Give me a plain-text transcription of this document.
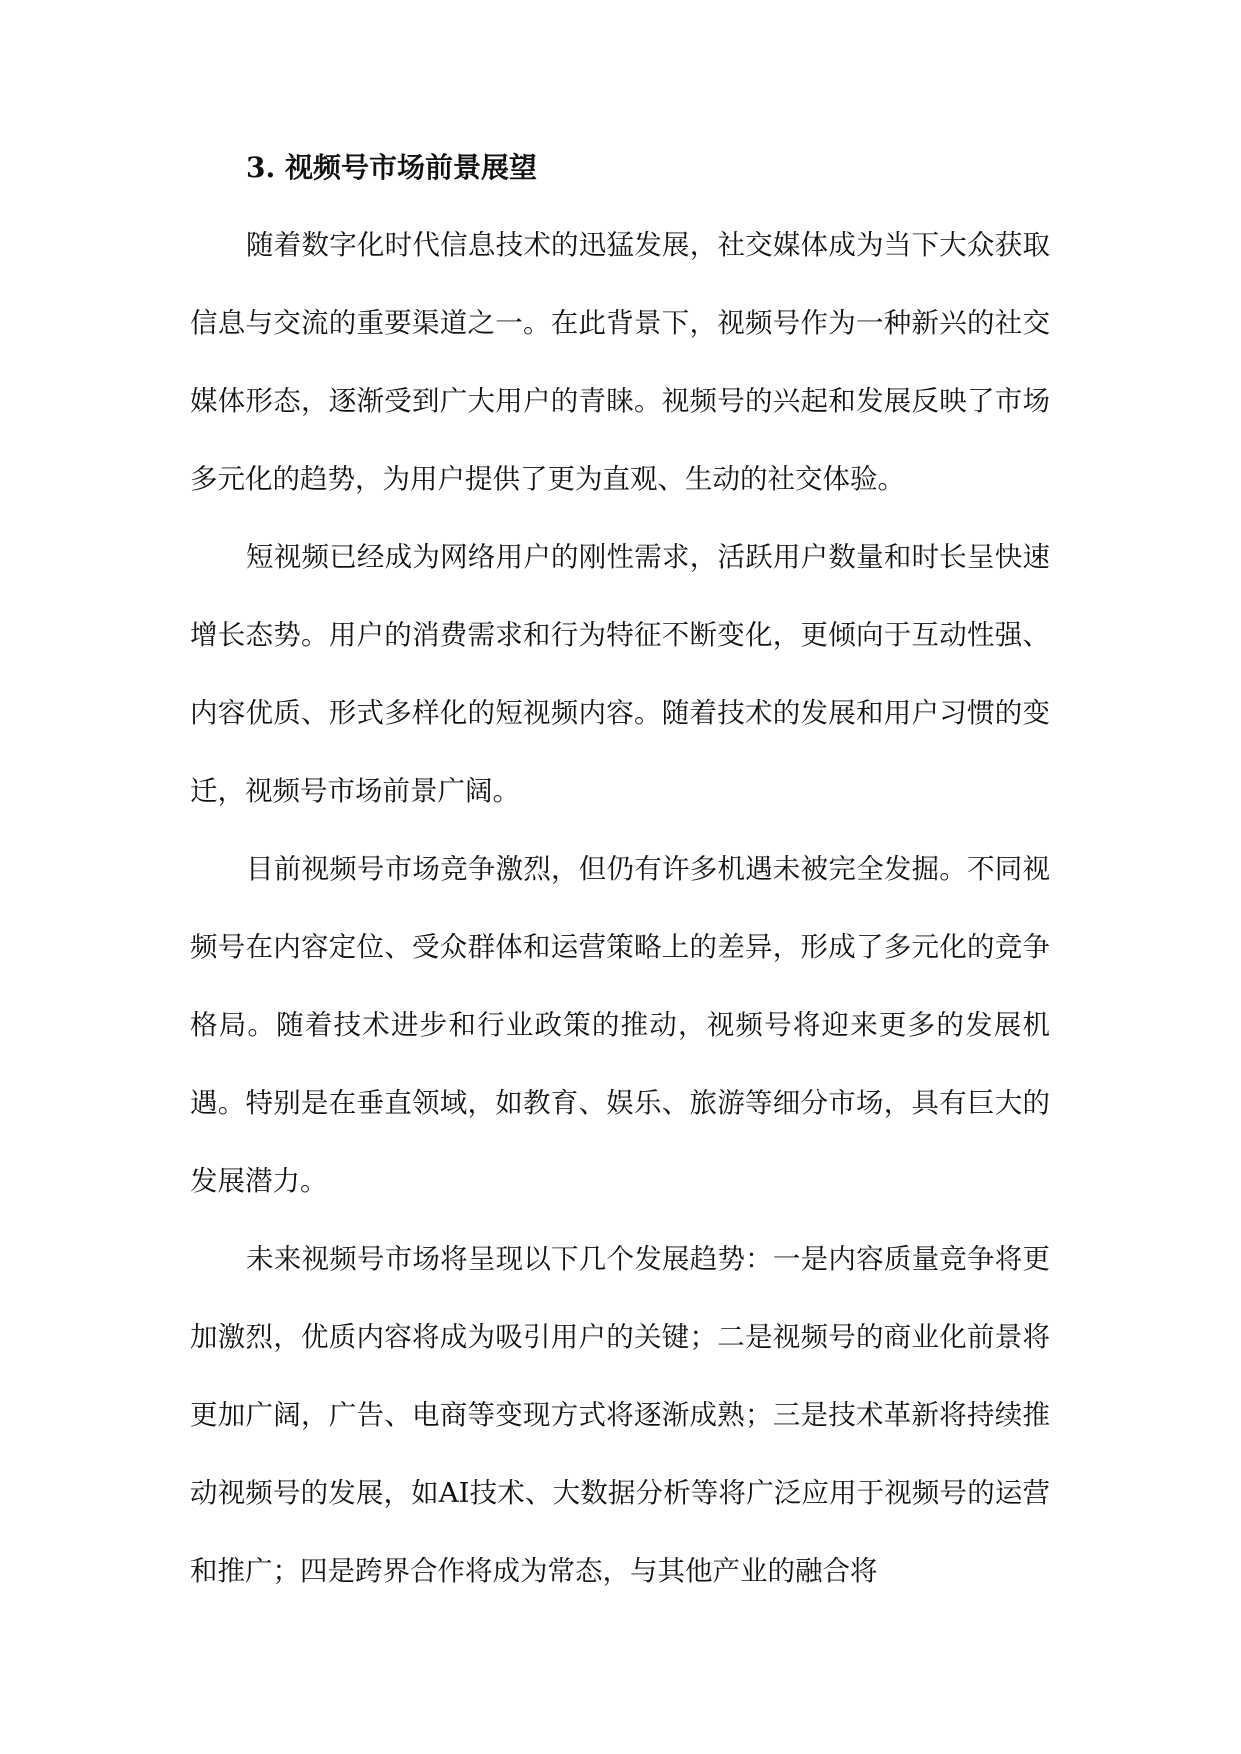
3. 视频号市场前景展望

随着数字化时代信息技术的迅猛发展，社交媒体成为当下大众获取信息与交流的重要渠道之一。在此背景下，视频号作为一种新兴的社交媒体形态，逐渐受到广大用户的青睐。视频号的兴起和发展反映了市场多元化的趋势，为用户提供了更为直观、生动的社交体验。

短视频已经成为网络用户的刚性需求，活跃用户数量和时长呈快速增长态势。用户的消费需求和行为特征不断变化，更倾向于互动性强、内容优质、形式多样化的短视频内容。随着技术的发展和用户习惯的变迁，视频号市场前景广阔。

目前视频号市场竞争激烈，但仍有许多机遇未被完全发掘。不同视频号在内容定位、受众群体和运营策略上的差异，形成了多元化的竞争格局。随着技术进步和行业政策的推动，视频号将迎来更多的发展机遇。特别是在垂直领域，如教育、娱乐、旅游等细分市场，具有巨大的发展潜力。

未来视频号市场将呈现以下几个发展趋势：一是内容质量竞争将更加激烈，优质内容将成为吸引用户的关键；二是视频号的商业化前景将更加广阔，广告、电商等变现方式将逐渐成熟；三是技术革新将持续推动视频号的发展，如AI技术、大数据分析等将广泛应用于视频号的运营和推广；四是跨界合作将成为常态，与其他产业的融合将
